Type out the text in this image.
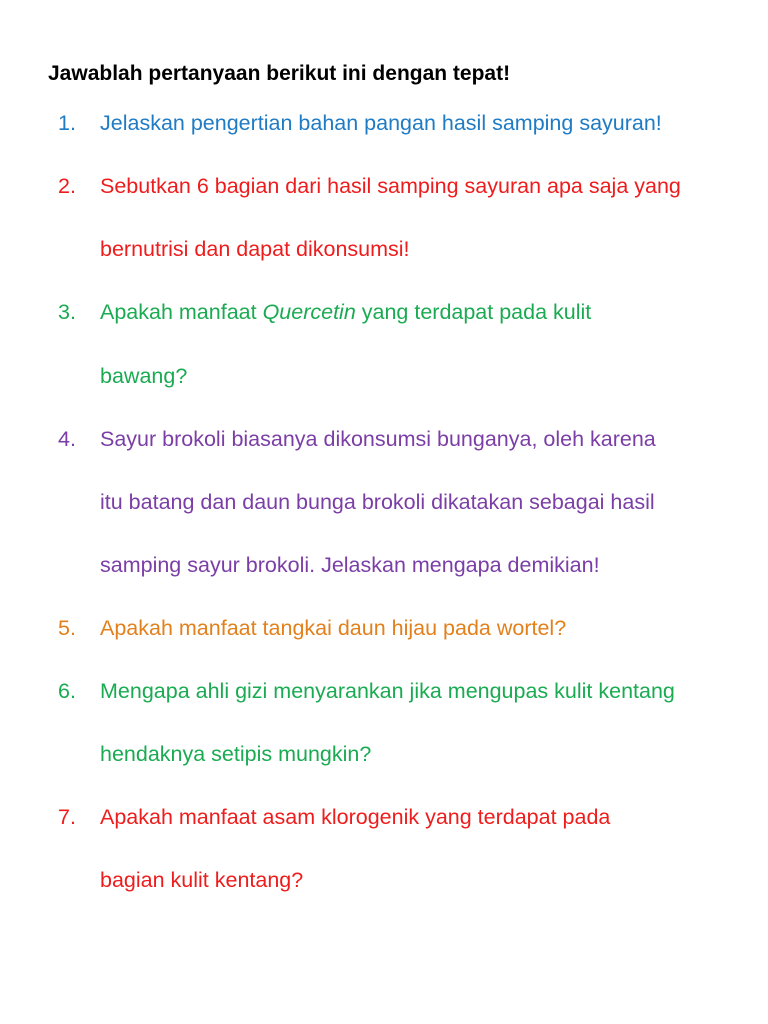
Jawablah pertanyaan berikut ini dengan tepat!
1. Jelaskan pengertian bahan pangan hasil samping sayuran!
2. Sebutkan 6 bagian dari hasil samping sayuran apa saja yang
bernutrisi dan dapat dikonsumsi!
3. Apakah manfaat Quercetin yang terdapat pada kulit
bawang?
4. Sayur brokoli biasanya dikonsumsi bunganya, oleh karena
itu batang dan daun bunga brokoli dikatakan sebagai hasil
samping sayur brokoli. Jelaskan mengapa demikian!
5. Apakah manfaat tangkai daun hijau pada wortel?
6. Mengapa ahli gizi menyarankan jika mengupas kulit kentang
hendaknya setipis mungkin?
7. Apakah manfaat asam klorogenik yang terdapat pada
bagian kulit kentang?
